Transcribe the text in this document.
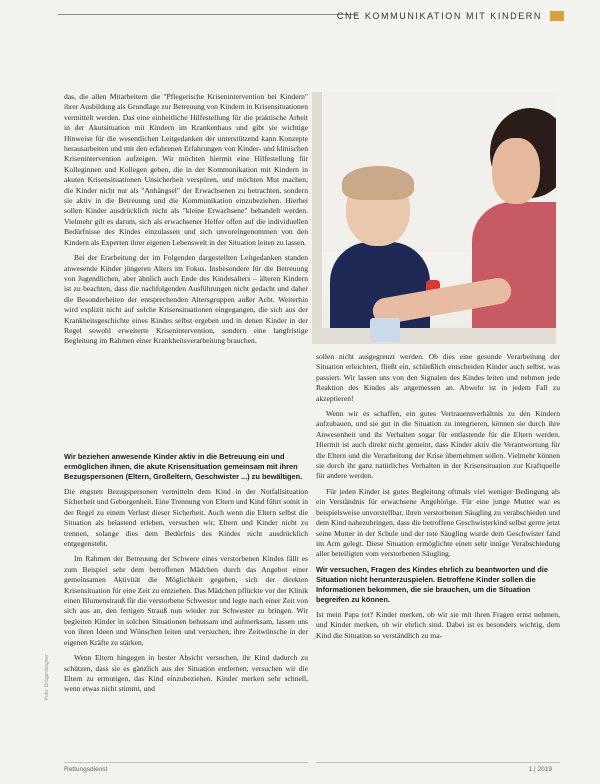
CNE KOMMUNIKATION MIT KINDERN

das, die allen Mitarbeitern die "Pflegerische Krisenintervention bei Kindern" ihrer Ausbildung als Grundlage zur Betreuung von Kindern in Krisensituationen vermittelt werden. Das eine einheitliche Hilfestellung für die praktische Arbeit in der Akutsituation mit Kindern im Krankenhaus und gibt sie wichtige Hinweise für die wesentlichen Leitgedanken der unterstützend kann Konzepte herausarbeiten und mit den erfahrenen Erfahrungen von Kinder- und klinischen Krisenintervention aufzeigen. Wir möchten hiermit eine Hilfestellung für Kolleginnen und Kollegen geben, die in der Kommunikation mit Kindern in akuten Krisensituationen Unsicherheit verspüren, und möchten Mut machen, die Kinder nicht nur als "Anhängsel" der Erwachsenen zu betrachten, sondern sie aktiv in die Betreuung und die Kommunikation einzubeziehen. Hierbei sollen Kinder ausdrücklich nicht als "kleine Erwachsene" behandelt werden. Vielmehr gilt es darum, sich als erwachsener Helfer offen auf die individuellen Bedürfnisse des Kindes einzulassen und sich unvoreingenommen von den Kindern als Experten ihrer eigenen Lebenswelt in der Situation leiten zu lassen.

Bei der Erarbeitung der im Folgenden dargestellten Leitgedanken standen anwesende Kinder jüngeren Alters im Fokus. Insbesondere für die Betreuung von Jugendlichen, aber ähnlich auch Ende des Kindesalters – älteren Kindern ist zu beachten, dass die nachfolgenden Ausführungen nicht gedacht und daher die Besonderheiten der entsprechenden Altersgruppen außer Acht. Weiterhin wird explizit nicht auf solche Krisensituationen eingegangen, die sich aus der Krankheitsgeschichte eines Kindes selbst ergeben und in denen Kinder in der Regel sowohl erweiterte Krisenintervention, sondern eine langfristige Begleitung im Rahmen einer Krankheitsverarbeitung brauchen.

Wir beziehen anwesende Kinder aktiv in die Betreuung ein und ermöglichen ihnen, die akute Krisensituation gemeinsam mit ihren Bezugspersonen (Eltern, Großeltern, Geschwister ...) zu bewältigen.

Die engsten Bezugspersonen vermitteln dem Kind in der Notfallsituation Sicherheit und Geborgenheit. Eine Trennung von Eltern und Kind führt somit in der Regel zu einem Verlust dieser Sicherheit. Auch wenn die Eltern selbst die Situation als belastend erleben, versuchen wir, Eltern und Kinder nicht zu trennen, solange dies dem Bedürfnis des Kindes nicht ausdrücklich entgegensteht.

Im Rahmen der Betreuung der Schwere eines verstorbenen Kindes fällt es zum Beispiel sehr dem betroffenen Mädchen durch das Angebot einer gemeinsamen Aktivität die Möglichkeit gegeben, sich der direkten Krisensituation für eine Zeit zu entziehen. Das Mädchen pflückte vor der Klinik einen Blumenstrauß für die verstorbene Schwester und legte nach einer Zeit von sich aus an, den fertigen Strauß nun wieder zur Schwester zu bringen. Wir begleiten Kinder in solchen Situationen behutsam und aufmerksam, lassen uns von ihren Ideen und Wünschen leiten und versuchen, ihre Zeitwünsche in der eigenen Kräfte zu stärken.

Wenn Eltern hingegen in bester Absicht versuchen, ihr Kind dadurch zu schützen, dass sie es gänzlich aus der Situation entfernen, versuchen wir die Eltern zu ermutigen, das Kind einzubeziehen. Kinder merken sehr schnell, wenn etwas nicht stimmt, und

sollen nicht ausgegrenzt werden. Ob dies eine gesunde Verarbeitung der Situation erleichtert, fließt ein, schließlich entscheiden Kinder auch selbst, was passiert. Wir lassen uns von den Signalen des Kindes leiten und nehmen jede Reaktion des Kindes als angemessen an. Abwehr ist in jedem Fall zu akzeptieren!

Wenn wir es schaffen, ein gutes Vertrauensverhältnis zu den Kindern aufzubauen, und sie gut in die Situation zu integrieren, können sie durch ihre Anwesenheit und ihr Verhalten sogar für entlastende für die Eltern werden. Hiermit ist auch direkt nicht gemeint, dass Kinder aktiv die Verantwortung für die Eltern und die Verarbeitung der Krise übernehmen sollen. Vielmehr können sie durch ihr ganz natürliches Verhalten in der Krisensituation zur Kraftquelle für andere werden.

Für jeden Kinder ist gutes Begleitung oftmals viel weniger Bedingung als ein Verständnis für erwachsene Angehörige. Für eine junge Mutter war es beispielsweise unvorstellbar, ihren verstorbenen Säugling zu verabschieden und dem Kind nahezubringen, dass die betroffene Geschwisterkind selbst gerne jetzt seine Mutter in der Schule und der tote Säugling wurde dem Geschwister fand im Arm gelegt. Diese Situation ermöglichte einen sehr innige Verabschiedung aller beteiligten vom verstorbenen Säugling.

Wir versuchen, Fragen des Kindes ehrlich zu beantworten und die Situation nicht herunterzuspielen. Betroffene Kinder sollen die Informationen bekommen, die sie brauchen, um die Situation begreifen zu können.

Ist mein Papa tot? Kinder merken, ob wir sie mit ihren Fragen ernst nehmen, und Kinder merken, ob wir ehrlich sind. Dabei ist es besonders wichtig, dem Kind die Situation so verständlich zu ma-

Foto: Dräger/wagner
Rettungsdienst	1 | 2019
